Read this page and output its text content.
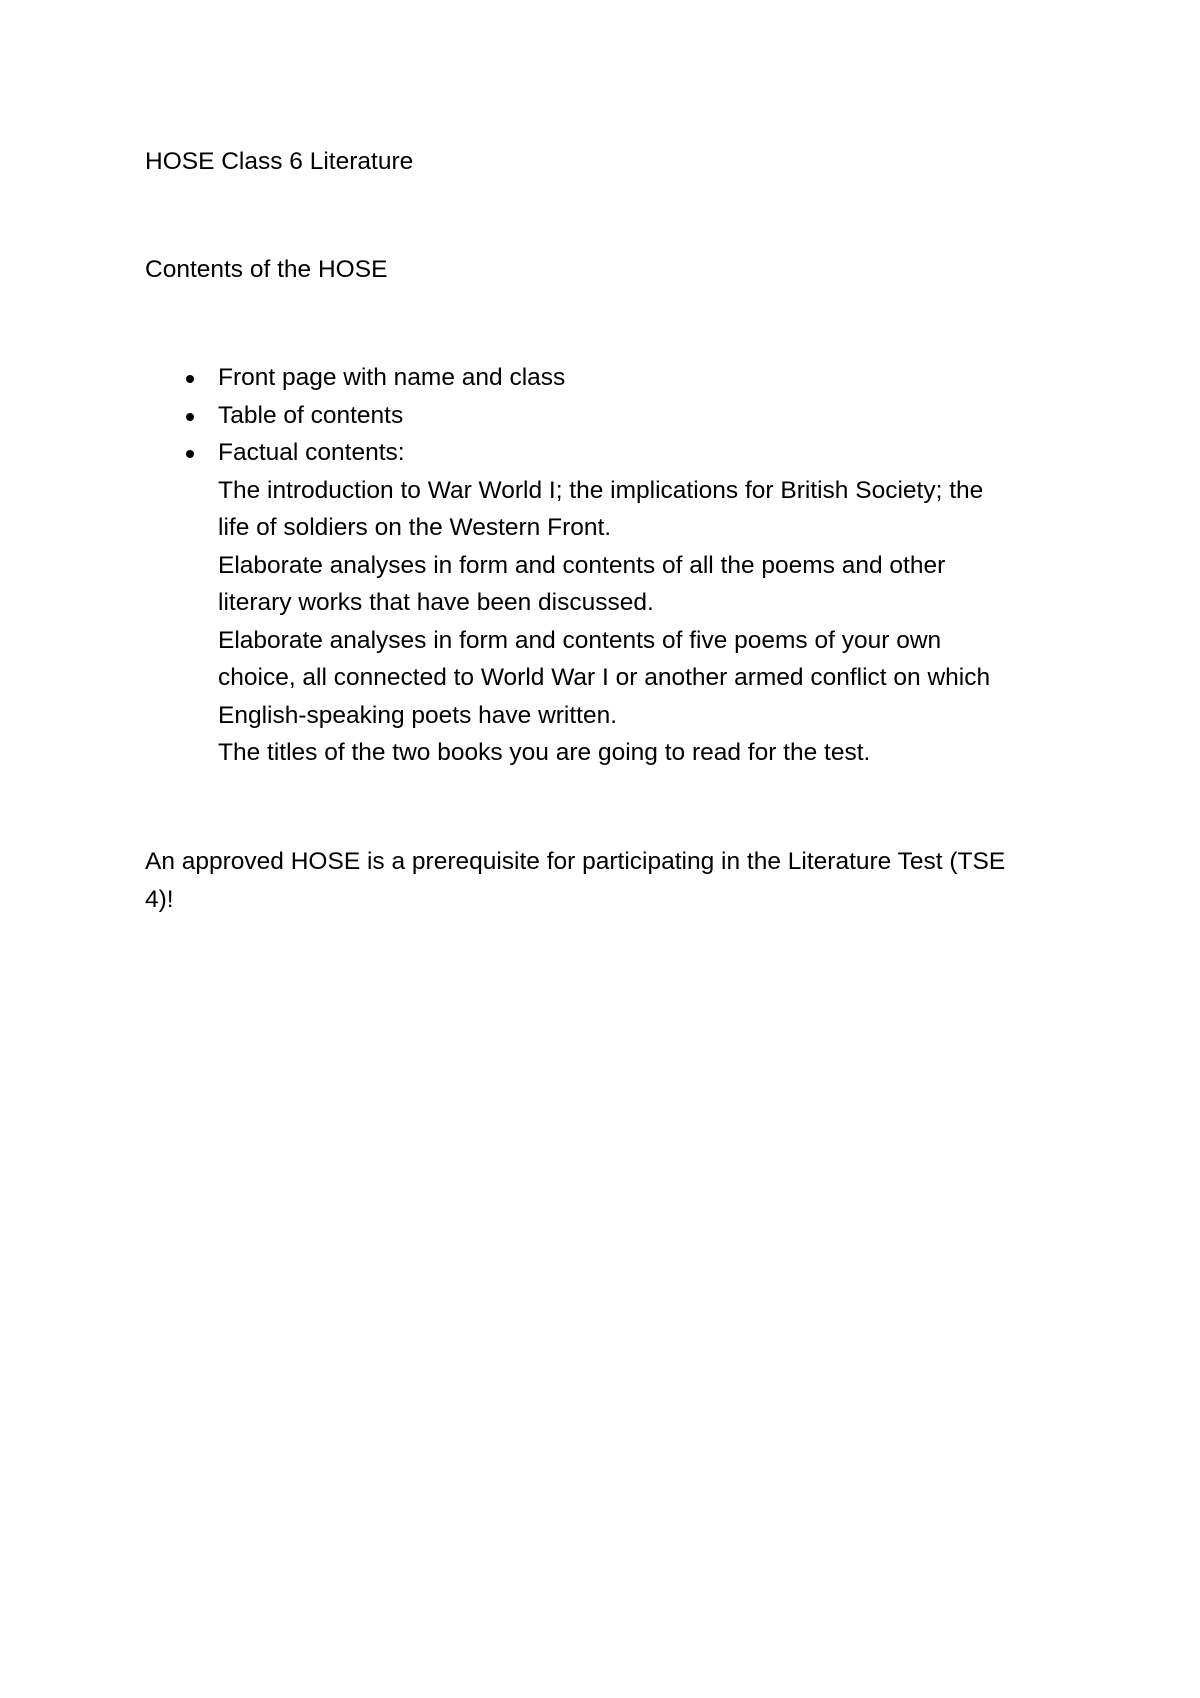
HOSE Class 6 Literature

Contents of the HOSE

Front page with name and class
Table of contents
Factual contents:
The introduction to War World I; the implications for British Society; the
life of soldiers on the Western Front.
Elaborate analyses in form and contents of all the poems and other
literary works that have been discussed.
Elaborate analyses in form and contents of five poems of your own
choice, all connected to World War I or another armed conflict on which
English-speaking poets have written.
The titles of the two books you are going to read for the test.

An approved HOSE is a prerequisite for participating in the Literature Test (TSE
4)!
